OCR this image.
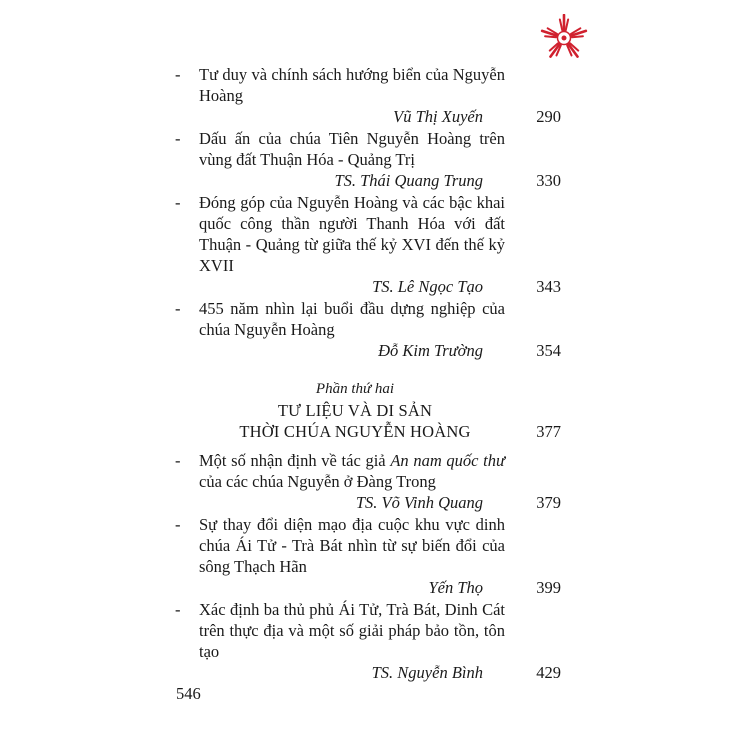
- Tư duy và chính sách hướng biển của Nguyễn Hoàng
Vũ Thị Xuyến	290
- Dấu ấn của chúa Tiên Nguyễn Hoàng trên vùng đất Thuận Hóa - Quảng Trị
TS. Thái Quang Trung	330
- Đóng góp của Nguyễn Hoàng và các bậc khai quốc công thần người Thanh Hóa với đất Thuận - Quảng từ giữa thế kỷ XVI đến thế kỷ XVII
TS. Lê Ngọc Tạo	343
- 455 năm nhìn lại buổi đầu dựng nghiệp của chúa Nguyễn Hoàng
Đỗ Kim Trường	354
Phần thứ hai
TƯ LIỆU VÀ DI SẢN
THỜI CHÚA NGUYỄN HOÀNG	377
- Một số nhận định về tác giả An nam quốc thư của các chúa Nguyễn ở Đàng Trong
TS. Võ Vinh Quang	379
- Sự thay đổi diện mạo địa cuộc khu vực dinh chúa Ái Tử - Trà Bát nhìn từ sự biến đổi của sông Thạch Hãn
Yến Thọ	399
- Xác định ba thủ phủ Ái Tử, Trà Bát, Dinh Cát trên thực địa và một số giải pháp bảo tồn, tôn tạo
TS. Nguyễn Bình	429
546
